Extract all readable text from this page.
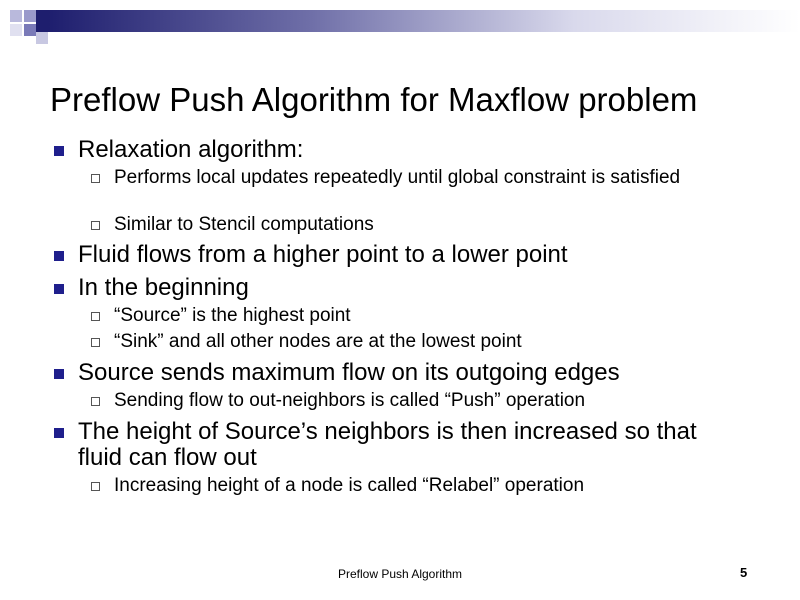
Preflow Push Algorithm for Maxflow problem
Relaxation algorithm:
Performs local updates repeatedly until global constraint is satisfied
Similar to Stencil computations
Fluid flows from a higher point to a lower point
In the beginning
“Source” is the highest point
“Sink” and all other nodes are at the lowest point
Source sends maximum flow on its outgoing edges
Sending flow to out-neighbors is called “Push” operation
The height of Source’s neighbors is then increased so that fluid can flow out
Increasing height of a node is called “Relabel” operation
Preflow Push Algorithm	5
